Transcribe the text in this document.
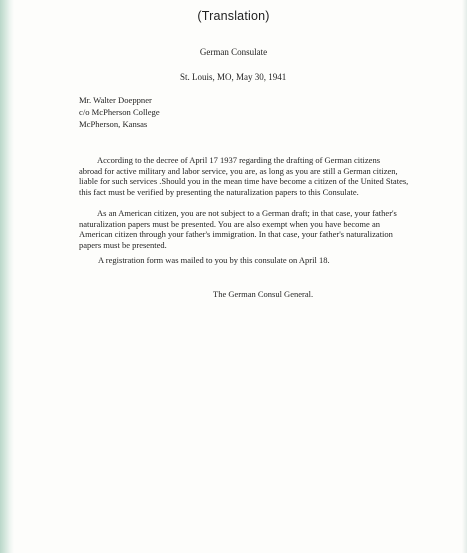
(Translation)
German Consulate
St. Louis, MO, May 30, 1941
Mr. Walter Doeppner
c/o McPherson College
McPherson, Kansas
According to the decree of April 17 1937 regarding the drafting of German citizens
abroad for active military and labor service, you are, as long as you are still a German citizen,
liable for such services .Should you in the mean time have become a citizen of the United States,
this fact must be verified by presenting the naturalization papers to this Consulate.
As an American citizen, you are not subject to a German draft; in that case, your father's
naturalization papers must be presented. You are also exempt when you have become an
American citizen through your father's immigration. In that case, your father's naturalization
papers must be presented.
A registration form was mailed to you by this consulate on April 18.
The German Consul General.
